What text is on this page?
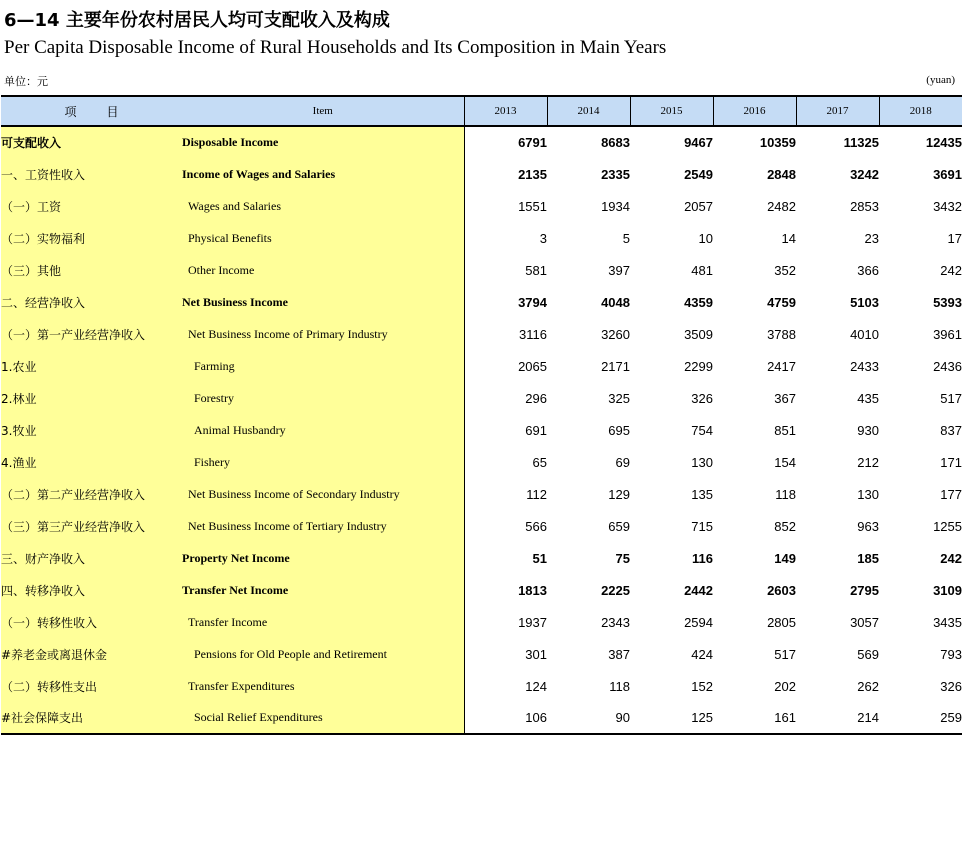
6—14 主要年份农村居民人均可支配收入及构成
Per Capita Disposable Income of Rural Households and Its Composition in Main Years
单位：元	(yuan)
项 目	Item	2013	2014	2015	2016	2017	2018
可支配收入	Disposable Income	6791	8683	9467	10359	11325	12435
一、工资性收入	Income of Wages and Salaries	2135	2335	2549	2848	3242	3691
（一）工资	Wages and Salaries	1551	1934	2057	2482	2853	3432
（二）实物福利	Physical Benefits	3	5	10	14	23	17
（三）其他	Other Income	581	397	481	352	366	242
二、经营净收入	Net Business Income	3794	4048	4359	4759	5103	5393
（一）第一产业经营净收入	Net Business Income of Primary Industry	3116	3260	3509	3788	4010	3961
1.农业	Farming	2065	2171	2299	2417	2433	2436
2.林业	Forestry	296	325	326	367	435	517
3.牧业	Animal Husbandry	691	695	754	851	930	837
4.渔业	Fishery	65	69	130	154	212	171
（二）第二产业经营净收入	Net Business Income of Secondary Industry	112	129	135	118	130	177
（三）第三产业经营净收入	Net Business Income of Tertiary Industry	566	659	715	852	963	1255
三、财产净收入	Property Net Income	51	75	116	149	185	242
四、转移净收入	Transfer Net Income	1813	2225	2442	2603	2795	3109
（一）转移性收入	Transfer Income	1937	2343	2594	2805	3057	3435
#养老金或离退休金	Pensions for Old People and Retirement	301	387	424	517	569	793
（二）转移性支出	Transfer Expenditures	124	118	152	202	262	326
#社会保障支出	Social Relief Expenditures	106	90	125	161	214	259
